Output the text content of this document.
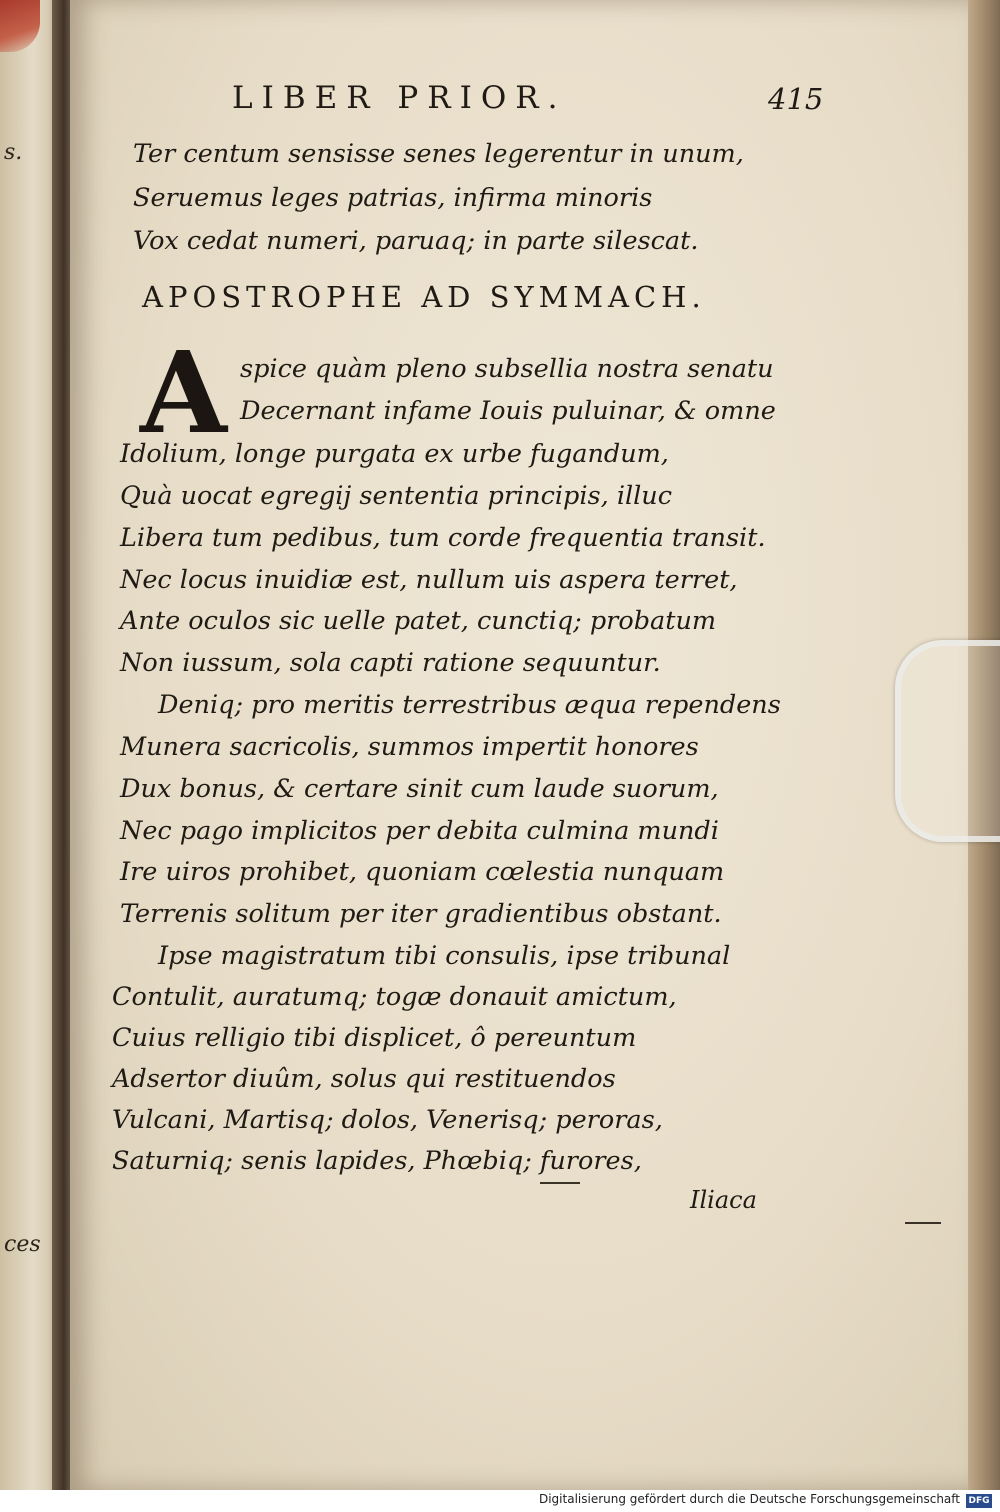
s.
ces
LIBER PRIOR.	415
Ter centum sensisse senes legerentur in unum,
Seruemus leges patrias, infirma minoris
Vox cedat numeri, paruaq; in parte silescat.
APOSTROPHE AD SYMMACH.
A spice quàm pleno subsellia nostra senatu
Decernant infame Iouis puluinar, & omne
Idolium, longe purgata ex urbe fugandum,
Quà uocat egregij sententia principis, illuc
Libera tum pedibus, tum corde frequentia transit.
Nec locus inuidiæ est, nullum uis aspera terret,
Ante oculos sic uelle patet, cunctiq; probatum
Non iussum, sola capti ratione sequuntur.
Deniq; pro meritis terrestribus æqua rependens
Munera sacricolis, summos impertit honores
Dux bonus, & certare sinit cum laude suorum,
Nec pago implicitos per debita culmina mundi
Ire uiros prohibet, quoniam cœlestia nunquam
Terrenis solitum per iter gradientibus obstant.
Ipse magistratum tibi consulis, ipse tribunal
Contulit, auratumq; togæ donauit amictum,
Cuius relligio tibi displicet, ô pereuntum
Adsertor diuûm, solus qui restituendos
Vulcani, Martisq; dolos, Venerisq; peroras,
Saturniq; senis lapides, Phœbiq; furores,
Iliaca
Digitalisierung gefördert durch die Deutsche Forschungsgemeinschaft DFG
